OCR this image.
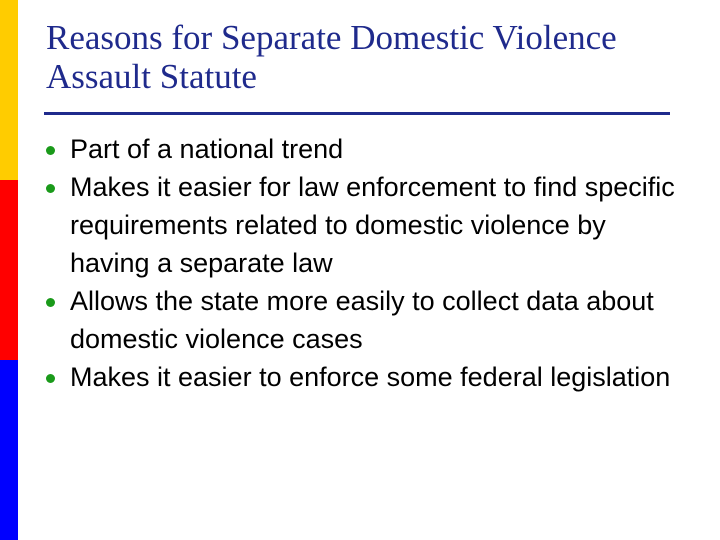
Reasons for Separate Domestic Violence Assault Statute
Part of a national trend
Makes it easier for law enforcement to find specific requirements related to domestic violence by having a separate law
Allows the state more easily to collect data about domestic violence cases
Makes it easier to enforce some federal legislation
